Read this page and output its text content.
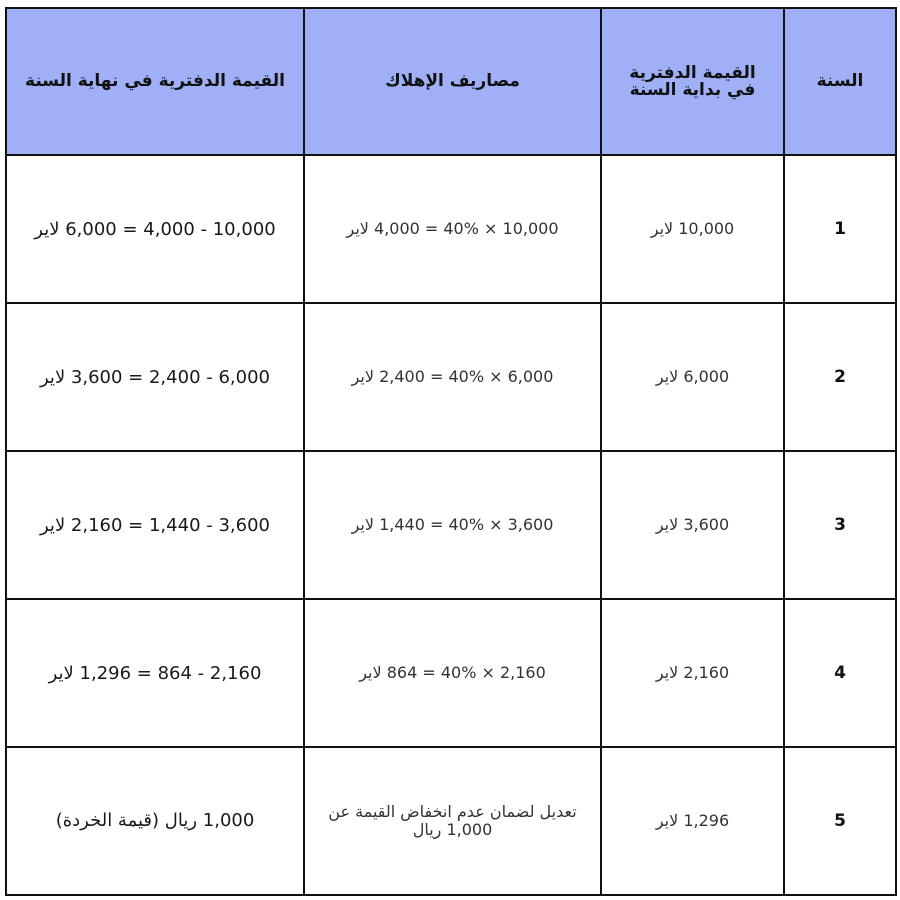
القيمة الدفترية في نهاية السنة	مصاريف الإهلاك	القيمة الدفترية في بداية السنة	السنة
ريال 6,000 = 4,000 - 10,000	ريال 4,000 = 40% × 10,000	ريال 10,000	1
ريال 3,600 = 2,400 - 6,000	ريال 2,400 = 40% × 6,000	ريال 6,000	2
ريال 2,160 = 1,440 - 3,600	ريال 1,440 = 40% × 3,600	ريال 3,600	3
ريال 1,296 = 864 - 2,160	ريال 864 = 40% × 2,160	ريال 2,160	4
1,000 ريال (قيمة الخردة)	تعديل لضمان عدم انخفاض القيمة عن 1,000 ريال	ريال 1,296	5
